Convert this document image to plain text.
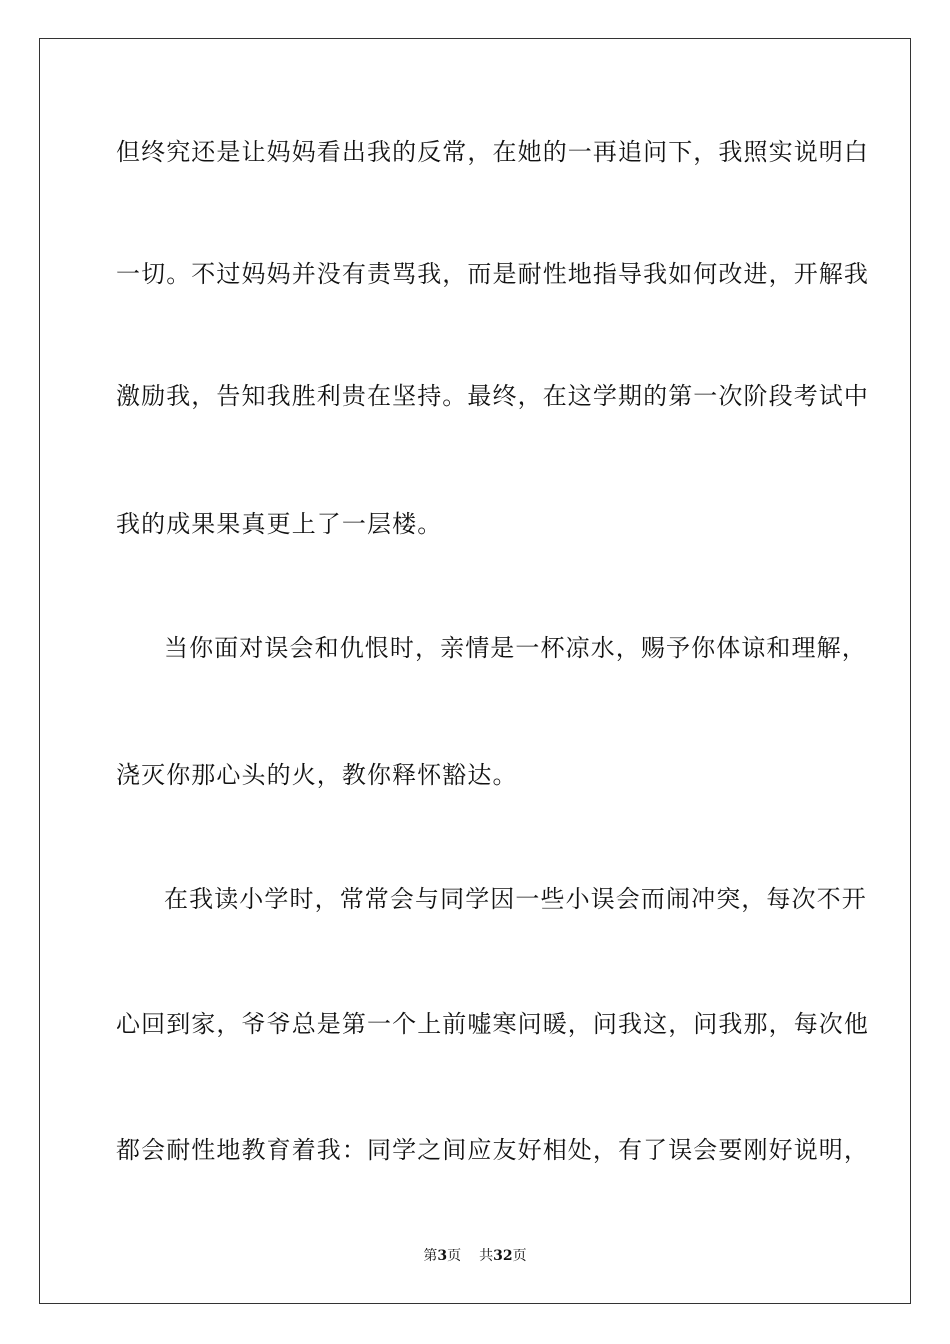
但终究还是让妈妈看出我的反常，在她的一再追问下，我照实说明白
一切。不过妈妈并没有责骂我，而是耐性地指导我如何改进，开解我
激励我，告知我胜利贵在坚持。最终，在这学期的第一次阶段考试中
我的成果果真更上了一层楼。
当你面对误会和仇恨时，亲情是一杯凉水，赐予你体谅和理解，
浇灭你那心头的火，教你释怀豁达。
在我读小学时，常常会与同学因一些小误会而闹冲突，每次不开
心回到家，爷爷总是第一个上前嘘寒问暖，问我这，问我那，每次他
都会耐性地教育着我：同学之间应友好相处，有了误会要刚好说明，
第3页 共32页
